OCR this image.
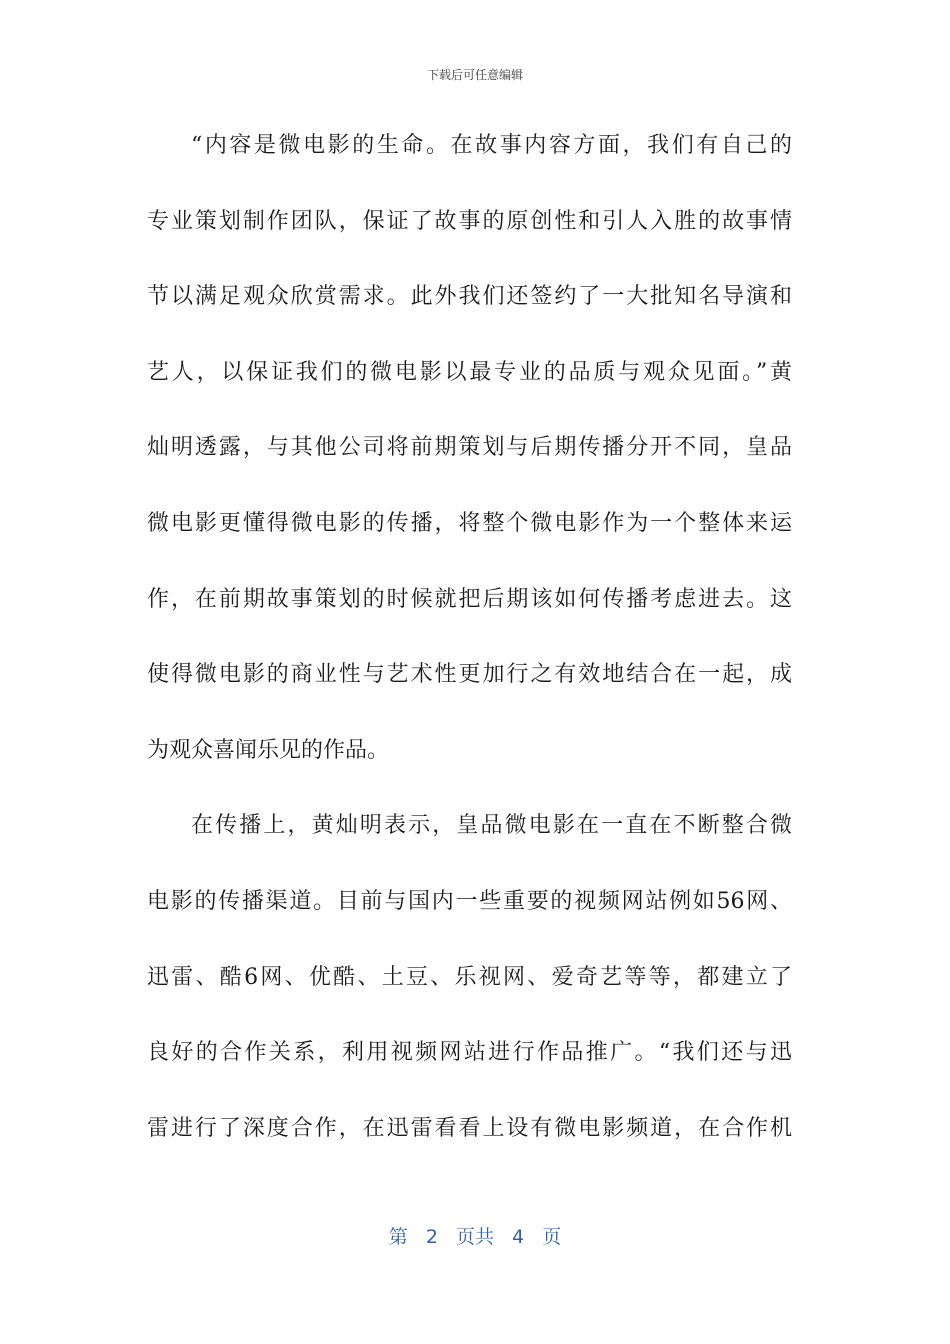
下载后可任意编辑
“内容是微电影的生命。在故事内容方面，我们有自己的
专业策划制作团队，保证了故事的原创性和引人入胜的故事情
节以满足观众欣赏需求。此外我们还签约了一大批知名导演和
艺人，以保证我们的微电影以最专业的品质与观众见面。”黄
灿明透露，与其他公司将前期策划与后期传播分开不同，皇品
微电影更懂得微电影的传播，将整个微电影作为一个整体来运
作，在前期故事策划的时候就把后期该如何传播考虑进去。这
使得微电影的商业性与艺术性更加行之有效地结合在一起，成
为观众喜闻乐见的作品。
在传播上，黄灿明表示，皇品微电影在一直在不断整合微
电影的传播渠道。目前与国内一些重要的视频网站例如56网、
迅雷、酷6网、优酷、土豆、乐视网、爱奇艺等等，都建立了
良好的合作关系，利用视频网站进行作品推广。“我们还与迅
雷进行了深度合作，在迅雷看看上设有微电影频道，在合作机
第 2 页共 4 页
